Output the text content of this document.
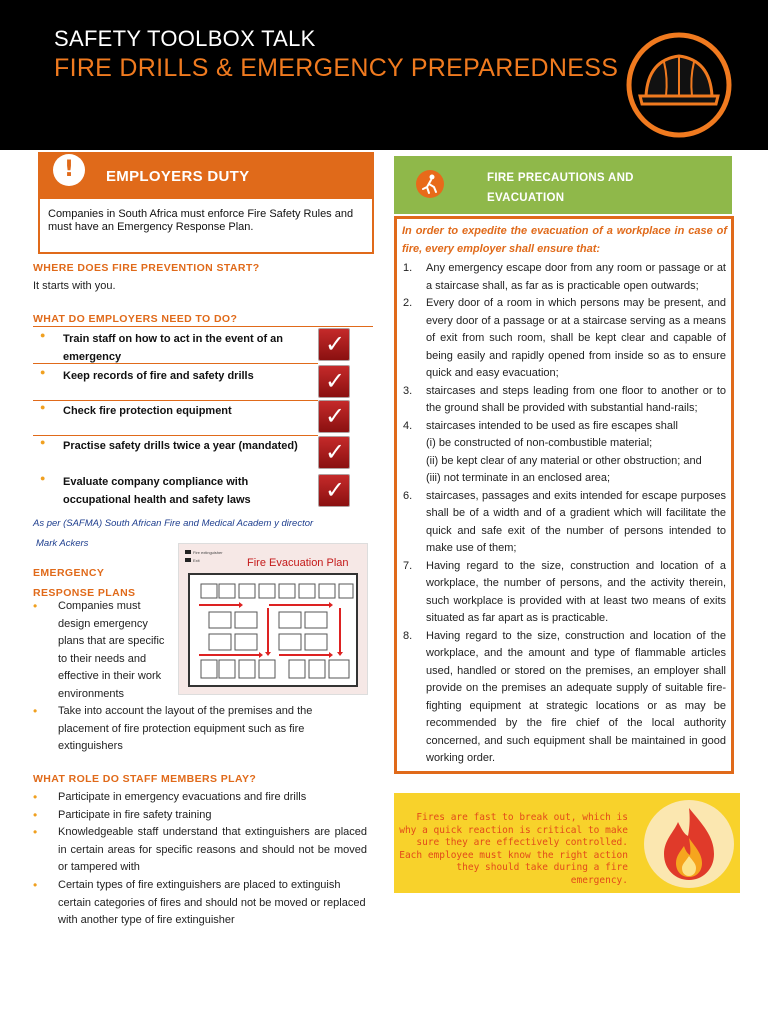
SAFETY TOOLBOX TALK
FIRE DRILLS & EMERGENCY PREPAREDNESS
!	EMPLOYERS DUTY

Companies in South Africa must enforce Fire Safety Rules and must have an Emergency Response Plan.

WHERE DOES FIRE PREVENTION START?
It starts with you.
WHAT DO EMPLOYERS NEED TO DO?
● Train staff on how to act in the event of an emergency
● Keep records of fire and safety drills
● Check fire protection equipment
● Practise safety drills twice a year (mandated)
● Evaluate company compliance with occupational health and safety laws
✓
✓
✓
✓
✓
As per (SAFMA) South African Fire and Medical Academ y director
Mark Ackers
EMERGENCY
RESPONSE PLANS
Fire extinguisher
Exit	Fire Evacuation Plan
• Companies must design emergency plans that are specific to their needs and effective in their work environments
• Take into account the layout of the premises and the placement of fire protection equipment such as fire extinguishers
WHAT ROLE DO STAFF MEMBERS PLAY?
• Participate in emergency evacuations and fire drills
• Participate in fire safety training
• Knowledgeable staff understand that extinguishers are placed in certain areas for specific reasons and should not be moved or tampered with
• Certain types of fire extinguishers are placed to extinguish certain categories of fires and should not be moved or replaced with another type of fire extinguisher
FIRE PRECAUTIONS AND
EVACUATION
In order to expedite the evacuation of a workplace in case of fire, every employer shall ensure that:
1. Any emergency escape door from any room or passage or at a staircase shall, as far as is practicable open outwards;
2. Every door of a room in which persons may be present, and every door of a passage or at a staircase serving as a means of exit from such room, shall be kept clear and capable of being easily and rapidly opened from inside so as to ensure quick and easy evacuation;
3. staircases and steps leading from one floor to another or to the ground shall be provided with substantial hand-rails;
4. staircases intended to be used as fire escapes shall
(i) be constructed of non-combustible material;
(ii) be kept clear of any material or other obstruction; and
(iii) not terminate in an enclosed area;
6. staircases, passages and exits intended for escape purposes shall be of a width and of a gradient which will facilitate the quick and safe exit of the number of persons intended to make use of them;
7. Having regard to the size, construction and location of a workplace, the number of persons, and the activity therein, such workplace is provided with at least two means of exits situated as far apart as is practicable.
8. Having regard to the size, construction and location of the workplace, and the amount and type of flammable articles used, handled or stored on the premises, an employer shall provide on the premises an adequate supply of suitable fire-fighting equipment at strategic locations or as may be recommended by the fire chief of the local authority concerned, and such equipment shall be maintained in good working order.
Fires are fast to break out, which is why a quick reaction is critical to make sure they are effectively controlled. Each employee must know the right action they should take during a fire emergency.
